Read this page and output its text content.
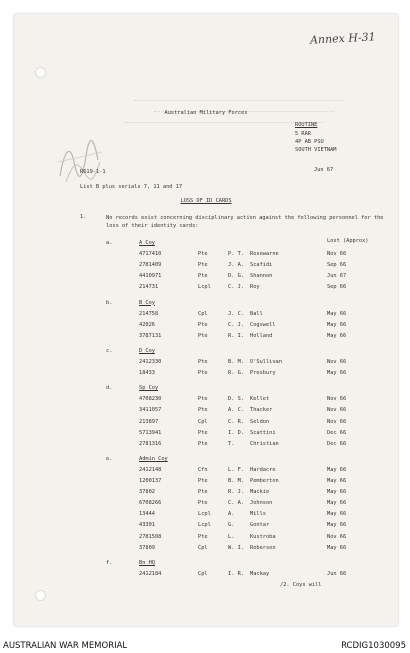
Annex H-31
Australian Military Forces
ROUTINE
5 RAR
4P AB PSU
SOUTH VIETNAM
R619-1-1	Jun 67
List B plus serials 7, 11 and 17
LOSS OF ID CARDS
1.	No records exist concerning disciplinary action against the following personnel for the loss of their identity cards:
Lost (Approx)
a.	A Coy
4717410	Pte	P. T. Rosewarne	Nov 66
2781409	Pte	J. A. Scafidi	Sep 66
4410971	Pte	D. G. Shannon	Jun 67
214731	Lcpl	C. J. Roy	Sep 66
b.	B Coy
214758	Cpl	J. C. Ball	May 66
42026	Pte	C. J. Cogswell	May 66
3787131	Pte	R. I. Holland	May 66
c.	D Coy
2412330	Pte	B. M. O'Sullivan	Nov 66
18433	Pte	R. G. Presbury	May 66
d.	Sp Coy
4708230	Pte	D. S. Kellet	Nov 66
3411057	Pte	A. C. Thacker	Nov 66
213897	Cpl	C. R. Seldon	Nov 66
5713941	Pte	I. D. Scattini	Dec 66
2781316	Pte	T.	Christian	Dec 66
e.	Admin Coy
2412148	Cfn	L. F. Hardacre	May 66
1200137	Pte	B. M. Pemberton	May 66
37802	Pte	R. J. Mackie	May 66
6708266	Pte	C. A. Johnson	May 66
13444	Lcpl	A.	Mills	May 66
43301	Lcpl	G.	Gontar	May 66
2781508	Pte	L.	Kustroba	Nov 66
37809	Cpl	W. I. Roberson	May 66
f.	Bn HQ
2412184	Cpl	I. R. Mackay	Jun 66
/2. Coys will
AUSTRALIAN WAR MEMORIAL	RCDIG1030095
